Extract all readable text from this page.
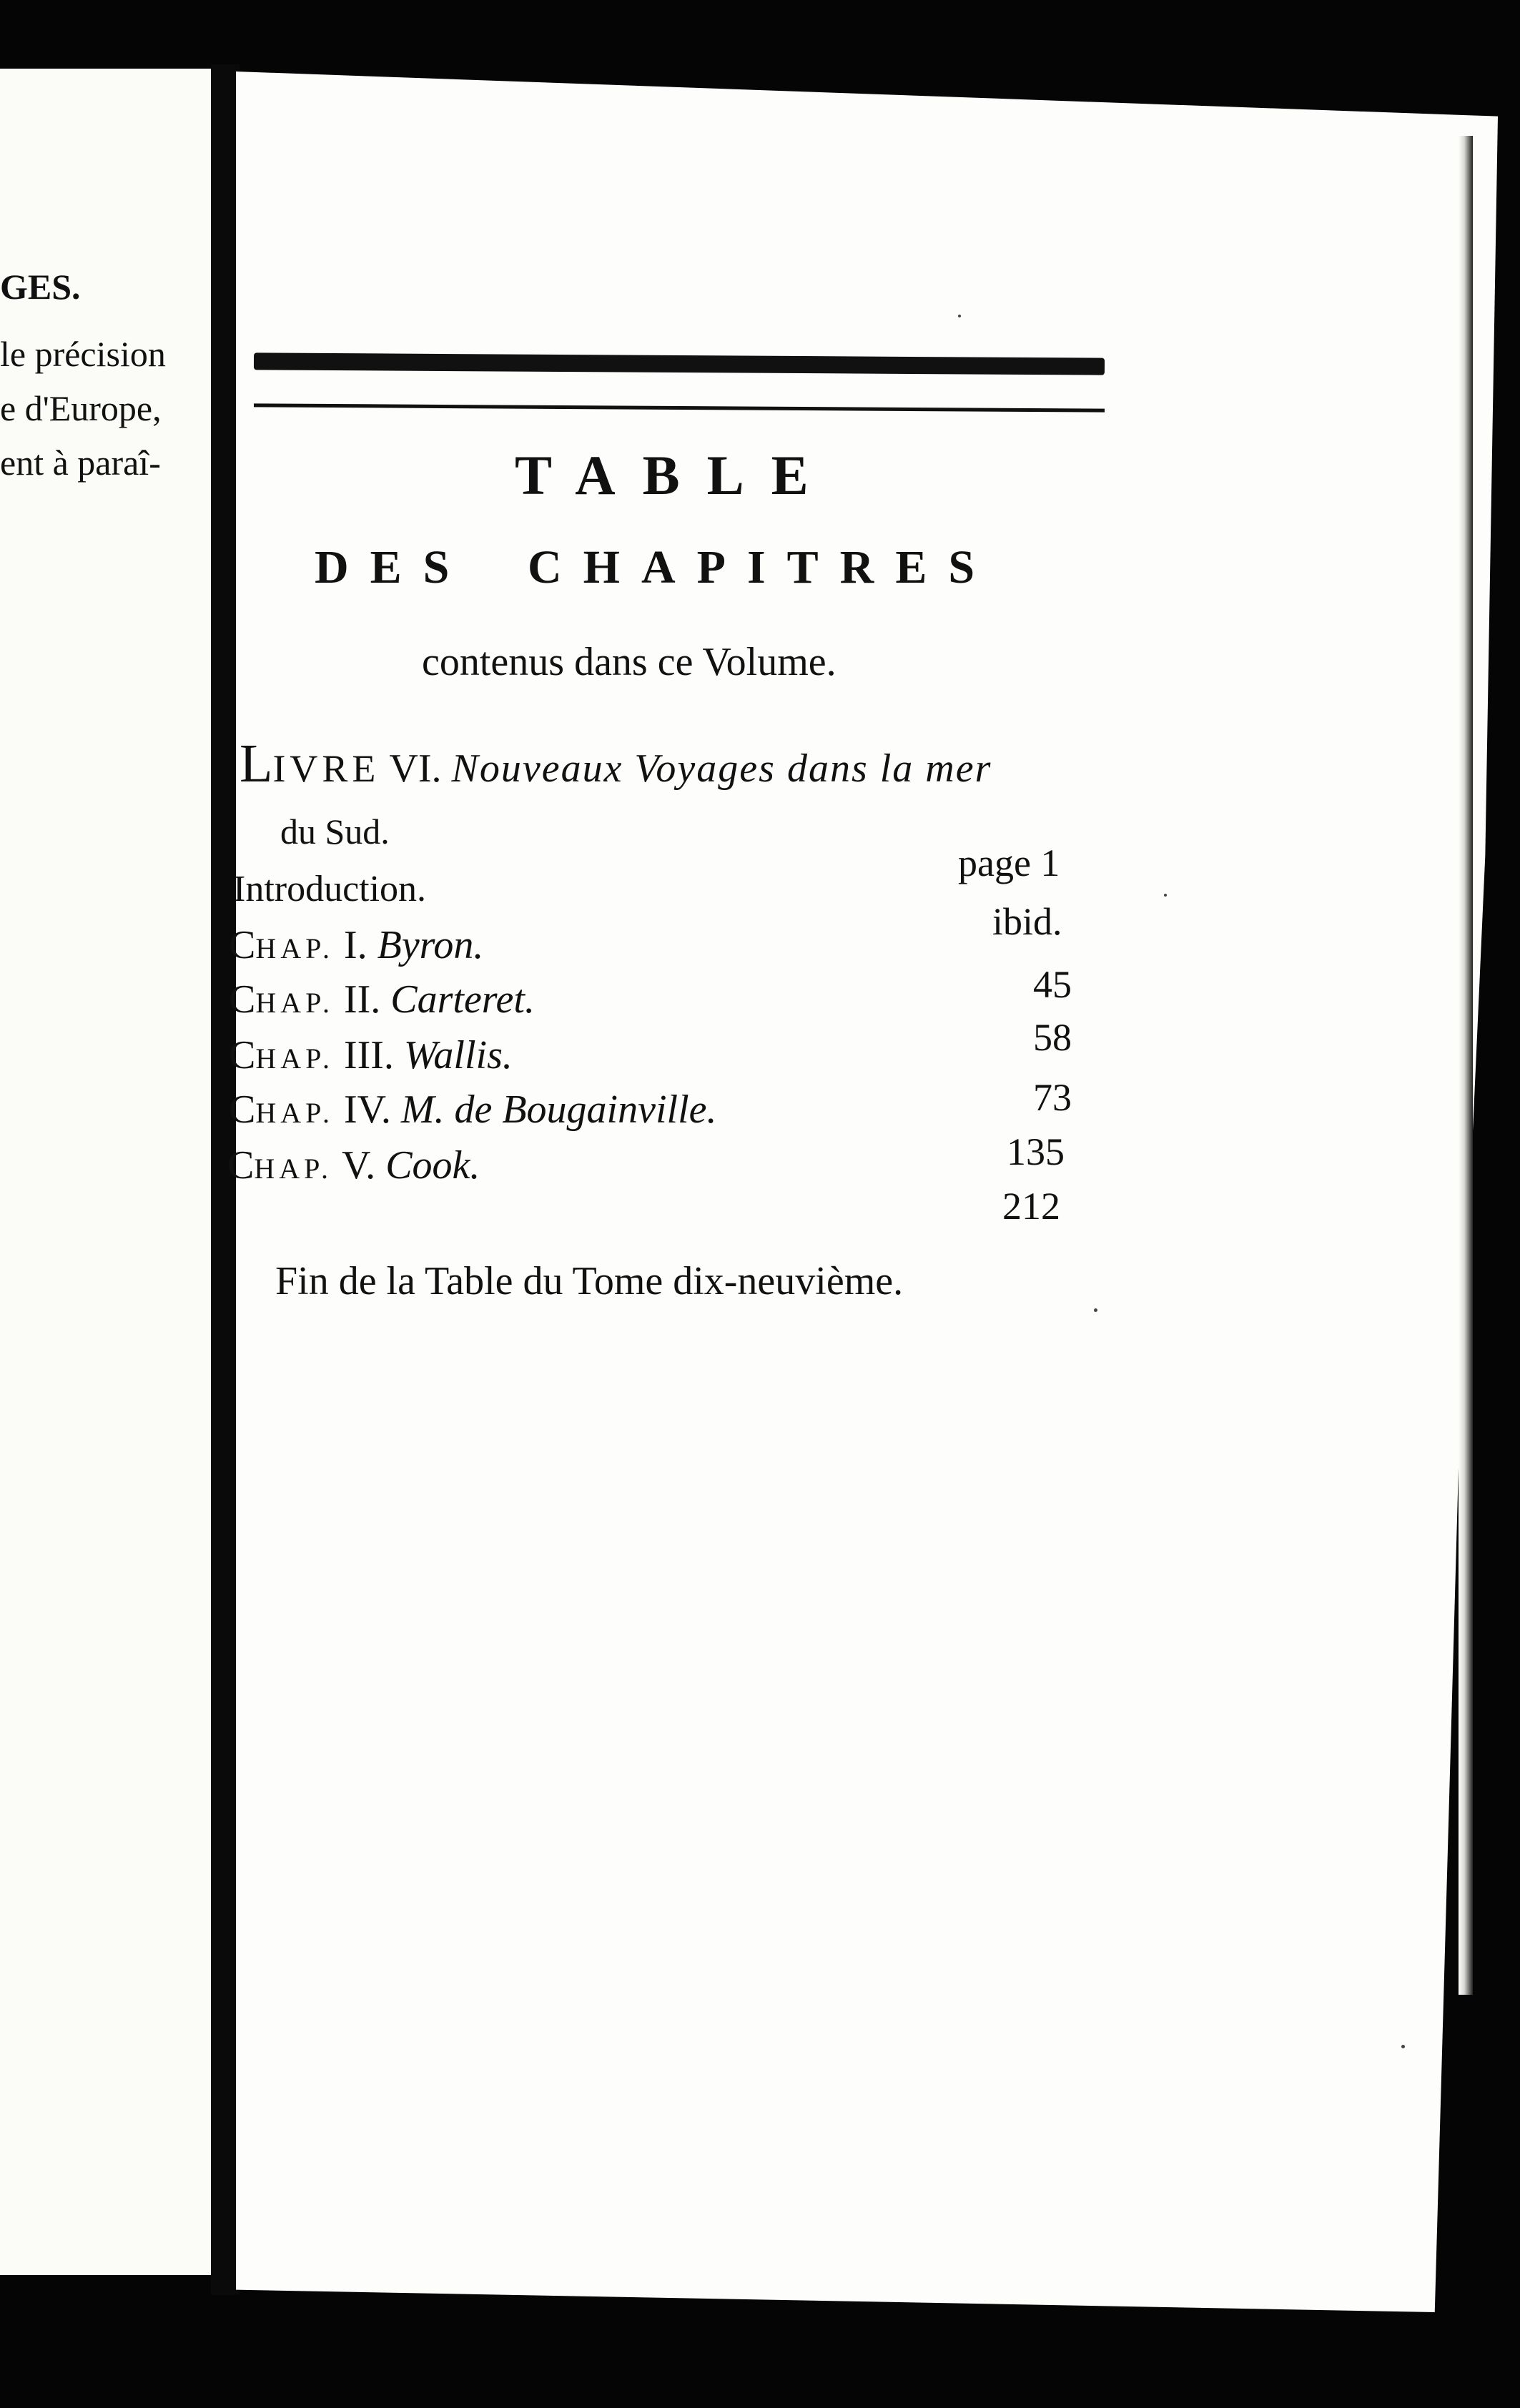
GES.
le précision
e d'Europe,
ent à paraî-	TABLE
DES CHAPITRES
contenus dans ce Volume.
LIVRE VI. Nouveaux Voyages dans la mer
du Sud.
page 1
Introduction.
ibid.
CHAP. I. Byron.
45
CHAP. II. Carteret.
58
CHAP. III. Wallis.
73
CHAP. IV. M. de Bougainville.
135
CHAP. V. Cook.
212
Fin de la Table du Tome dix-neuvième.
